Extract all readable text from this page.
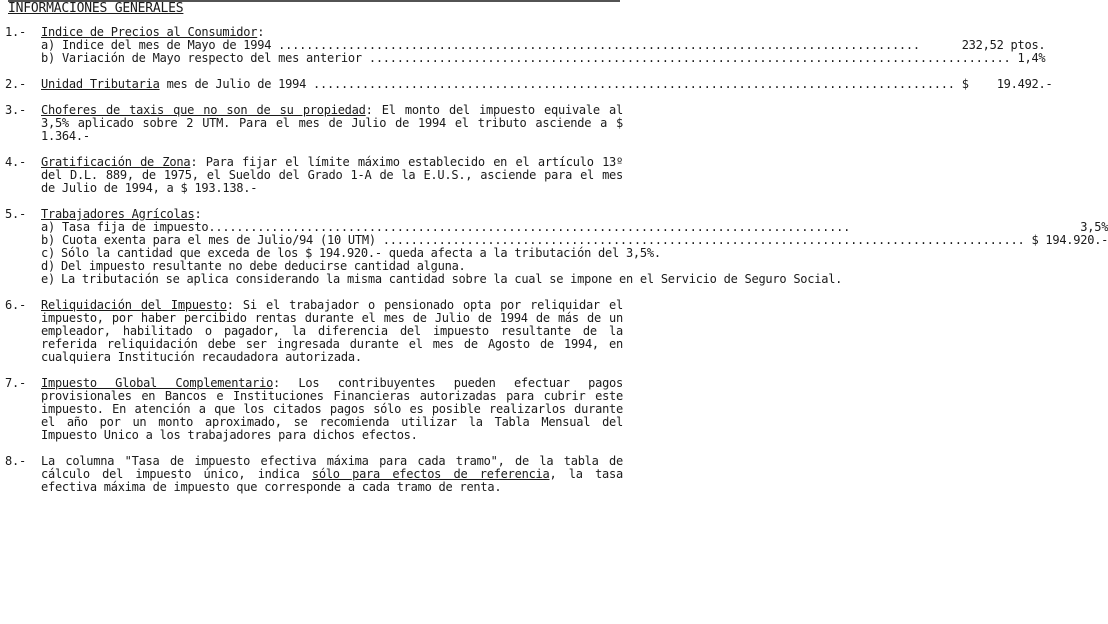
INFORMACIONES GENERALES
1.-	Indice de Precios al Consumidor:
a) Indice del mes de Mayo de 1994 .....	232,52 ptos.
b) Variación de Mayo respecto del mes anterior .....	1,4%
2.-	Unidad Tributaria mes de Julio de 1994 .....	$ 19.492.-
3.-	Choferes de taxis que no son de su propiedad: El monto del impuesto equivale al 3,5% aplicado sobre 2 UTM. Para el mes de Julio de 1994 el tributo asciende a $ 1.364.-
4.-	Gratificación de Zona: Para fijar el límite máximo establecido en el artículo 13º del D.L. 889, de 1975, el Sueldo del Grado 1-A de la E.U.S., asciende para el mes de Julio de 1994, a $ 193.138.-
5.-	Trabajadores Agrícolas:
a) Tasa fija de impuesto .....	3,5%
b) Cuota exenta para el mes de Julio/94 (10 UTM) .....	$ 194.920.-
c) Sólo la cantidad que exceda de los $ 194.920.- queda afecta a la tributación del 3,5%.
d) Del impuesto resultante no debe deducirse cantidad alguna.
e) La tributación se aplica considerando la misma cantidad sobre la cual se impone en el Servicio de Seguro Social.
6.-	Reliquidación del Impuesto: Si el trabajador o pensionado opta por reliquidar el impuesto, por haber percibido rentas durante el mes de Julio de 1994 de más de un empleador, habilitado o pagador, la diferencia del impuesto resultante de la referida reliquidación debe ser ingresada durante el mes de Agosto de 1994, en cualquiera Institución recaudadora autorizada.
7.-	Impuesto Global Complementario: Los contribuyentes pueden efectuar pagos provisionales en Bancos e Instituciones Financieras autorizadas para cubrir este impuesto. En atención a que los citados pagos sólo es posible realizarlos durante el año por un monto aproximado, se recomienda utilizar la Tabla Mensual del Impuesto Unico a los trabajadores para dichos efectos.
8.-	La columna "Tasa de impuesto efectiva máxima para cada tramo", de la tabla de cálculo del impuesto único, indica sólo para efectos de referencia, la tasa efectiva máxima de impuesto que corresponde a cada tramo de renta.
